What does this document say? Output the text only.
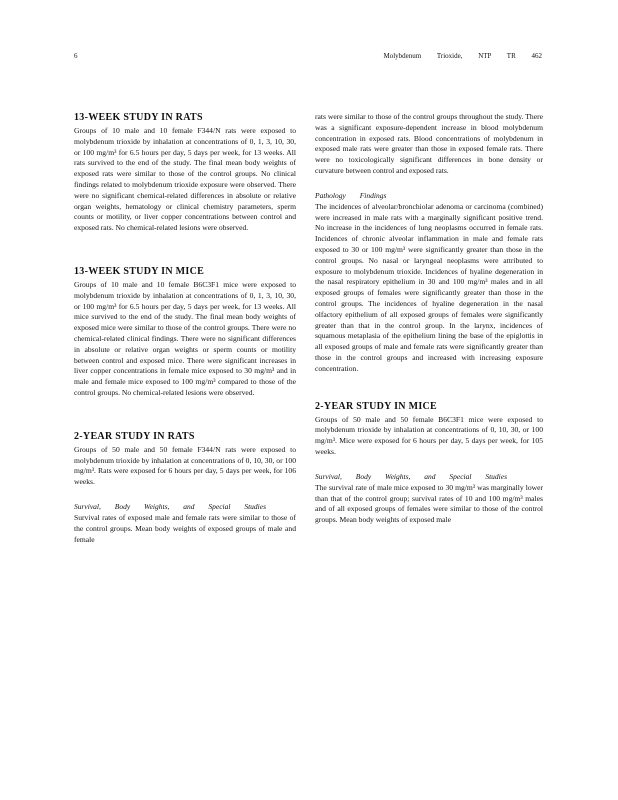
6	Molybdenum Trioxide, NTP TR 462
13-WEEK STUDY IN RATS

Groups of 10 male and 10 female F344/N rats were exposed to molybdenum trioxide by inhalation at concentrations of 0, 1, 3, 10, 30, or 100 mg/m³ for 6.5 hours per day, 5 days per week, for 13 weeks. All rats survived to the end of the study. The final mean body weights of exposed rats were similar to those of the control groups. No clinical findings related to molybdenum trioxide exposure were observed. There were no significant chemical-related differences in absolute or relative organ weights, hematology or clinical chemistry parameters, sperm counts or motility, or liver copper concentrations between control and exposed rats. No chemical-related lesions were observed.

13-WEEK STUDY IN MICE

Groups of 10 male and 10 female B6C3F1 mice were exposed to molybdenum trioxide by inhalation at concentrations of 0, 1, 3, 10, 30, or 100 mg/m³ for 6.5 hours per day, 5 days per week, for 13 weeks. All mice survived to the end of the study. The final mean body weights of exposed mice were similar to those of the control groups. There were no chemical-related clinical findings. There were no significant differences in absolute or relative organ weights or sperm counts or motility between control and exposed mice. There were significant increases in liver copper concentrations in female mice exposed to 30 mg/m³ and in male and female mice exposed to 100 mg/m³ compared to those of the control groups. No chemical-related lesions were observed.

2-YEAR STUDY IN RATS

Groups of 50 male and 50 female F344/N rats were exposed to molybdenum trioxide by inhalation at concentrations of 0, 10, 30, or 100 mg/m³. Rats were exposed for 6 hours per day, 5 days per week, for 106 weeks.

Survival, Body Weights, and Special Studies

Survival rates of exposed male and female rats were similar to those of the control groups. Mean body weights of exposed groups of male and female

rats were similar to those of the control groups throughout the study. There was a significant exposure-dependent increase in blood molybdenum concentration in exposed rats. Blood concentrations of molybdenum in exposed male rats were greater than those in exposed female rats. There were no toxicologically significant differences in bone density or curvature between control and exposed rats.

Pathology Findings

The incidences of alveolar/bronchiolar adenoma or carcinoma (combined) were increased in male rats with a marginally significant positive trend. No increase in the incidences of lung neoplasms occurred in female rats. Incidences of chronic alveolar inflammation in male and female rats exposed to 30 or 100 mg/m³ were significantly greater than those in the control groups. No nasal or laryngeal neoplasms were attributed to exposure to molybdenum trioxide. Incidences of hyaline degeneration in the nasal respiratory epithelium in 30 and 100 mg/m³ males and in all exposed groups of females were significantly greater than those in the control groups. The incidences of hyaline degeneration in the nasal olfactory epithelium of all exposed groups of females were significantly greater than that in the control group. In the larynx, incidences of squamous metaplasia of the epithelium lining the base of the epiglottis in all exposed groups of male and female rats were significantly greater than those in the control groups and increased with increasing exposure concentration.

2-YEAR STUDY IN MICE

Groups of 50 male and 50 female B6C3F1 mice were exposed to molybdenum trioxide by inhalation at concentrations of 0, 10, 30, or 100 mg/m³. Mice were exposed for 6 hours per day, 5 days per week, for 105 weeks.

Survival, Body Weights, and Special Studies

The survival rate of male mice exposed to 30 mg/m³ was marginally lower than that of the control group; survival rates of 10 and 100 mg/m³ males and of all exposed groups of females were similar to those of the control groups. Mean body weights of exposed male
